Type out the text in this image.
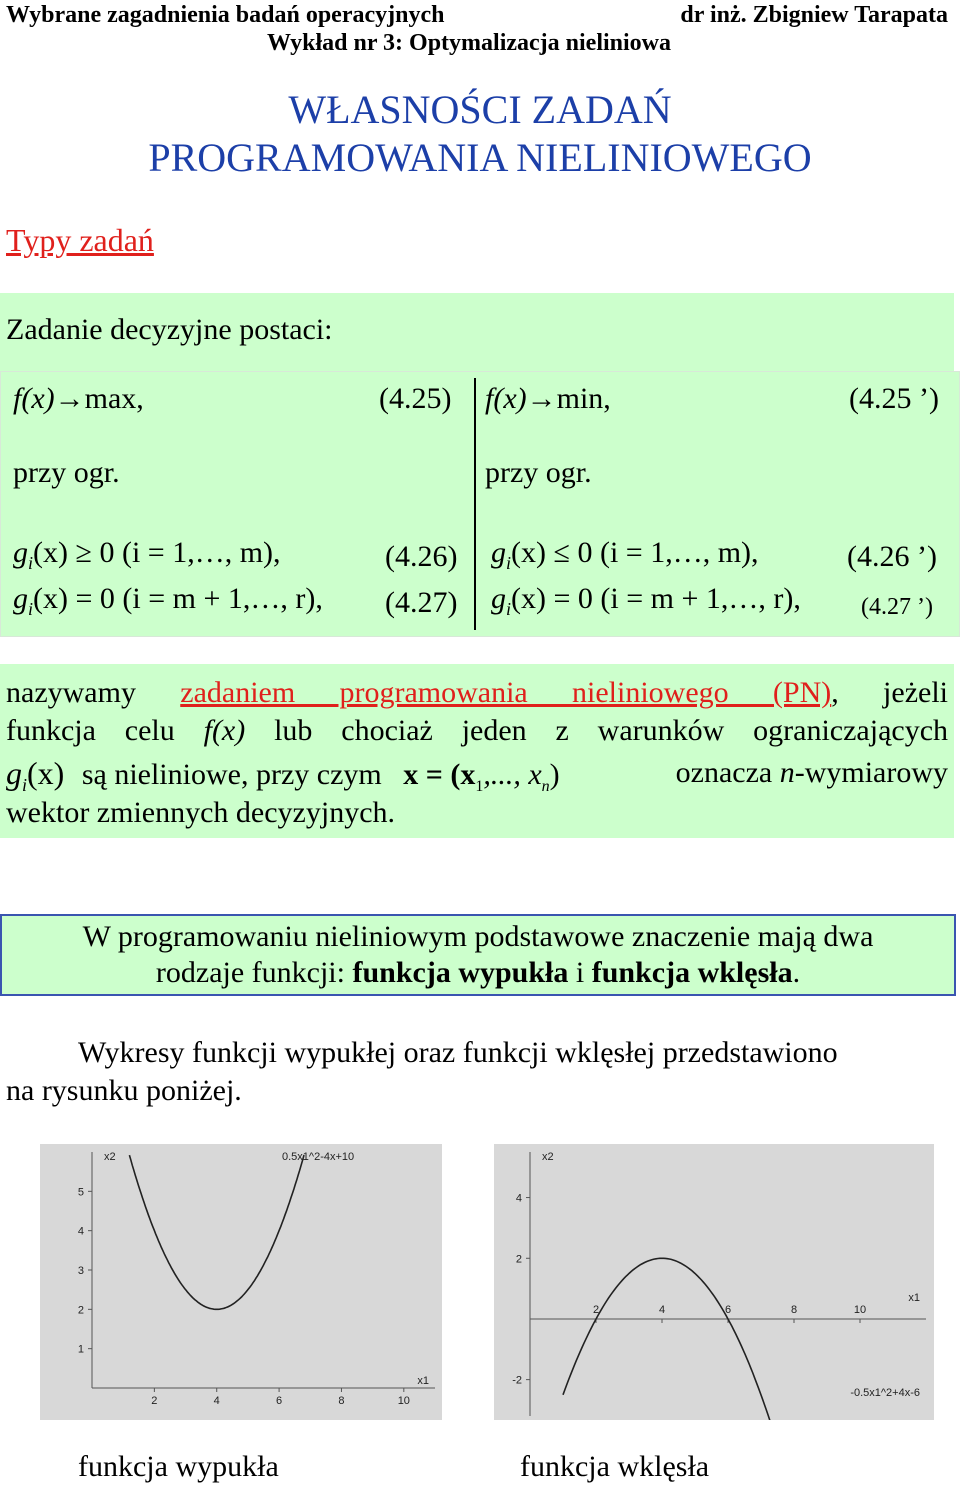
Wybrane zagadnienia badań operacyjnych	dr inż. Zbigniew Tarapata
Wykład nr 3: Optymalizacja nieliniowa
WŁASNOŚCI ZADAŃ
PROGRAMOWANIA NIELINIOWEGO
Typy zadań
Zadanie decyzyjne postaci:
f(x)→max,	(4.25)
przy ogr.
$g_i(x) \ge 0$ (i = 1,…, m),	(4.26)
$g_i(x) = 0$ (i = m + 1,…, r), (4.27)
f(x)→min,	(4.25 ’)
przy ogr.
$g_i(x) \le 0$ (i = 1,…, m),	(4.26 ’)
$g_i(x) = 0$ (i = m + 1,…, r),	(4.27 ’)
nazywamy zadaniem programowania nieliniowego (PN), jeżeli
funkcja celu f(x) lub chociaż jeden z warunków ograniczających
$g_i(x)$ są nieliniowe, przy czym $x = (x_1$,..., $x_n$)	oznacza n-wymiarowy
wektor zmiennych decyzyjnych.
W programowaniu nieliniowym podstawowe znaczenie mają dwa
rodzaje funkcji: funkcja wypukła i funkcja wklęsła.
Wykresy funkcji wypukłej oraz funkcji wklęsłej przedstawiono
na rysunku poniżej.
2	4	6	8	10
1
2
3
4
5
x2
x1
0.5x1^2-4x+10
2	4	6	8	10
-2
2
4
x2
x1
-0.5x1^2+4x-6
funkcja wypukła	funkcja wklęsła
